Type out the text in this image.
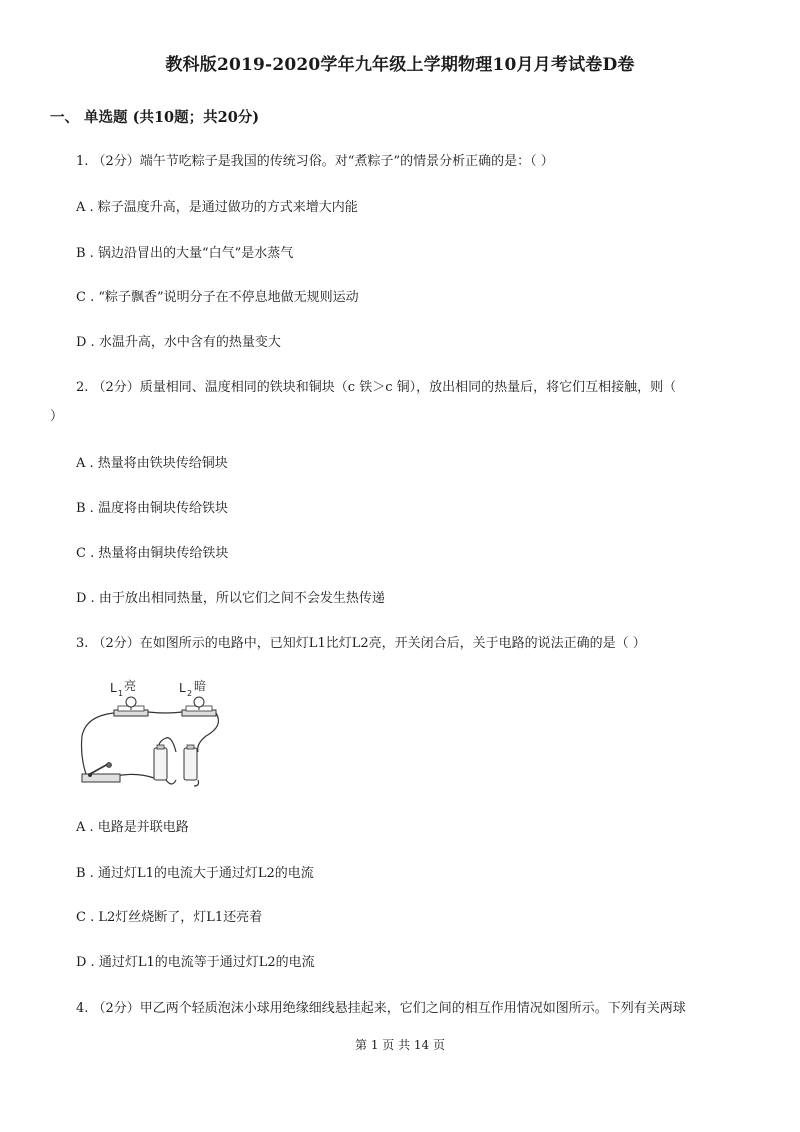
教科版2019-2020学年九年级上学期物理10月月考试卷D卷
一、 单选题 (共10题；共20分)
1. （2分）端午节吃粽子是我国的传统习俗。对“煮粽子”的情景分析正确的是：（ ）
A . 粽子温度升高，是通过做功的方式来增大内能
B . 锅边沿冒出的大量“白气”是水蒸气
C . “粽子飘香”说明分子在不停息地做无规则运动
D . 水温升高，水中含有的热量变大
2. （2分）质量相同、温度相同的铁块和铜块（c 铁＞c 铜），放出相同的热量后，将它们互相接触，则（
）
A . 热量将由铁块传给铜块
B . 温度将由铜块传给铁块
C . 热量将由铜块传给铁块
D . 由于放出相同热量，所以它们之间不会发生热传递
3. （2分）在如图所示的电路中，已知灯L1比灯L2亮，开关闭合后，关于电路的说法正确的是（ ）
L 1
亮	L 2
暗
A . 电路是并联电路
B . 通过灯L1的电流大于通过灯L2的电流
C . L2灯丝烧断了，灯L1还亮着
D . 通过灯L1的电流等于通过灯L2的电流
4. （2分）甲乙两个轻质泡沫小球用绝缘细线悬挂起来，它们之间的相互作用情况如图所示。下列有关两球
第 1 页 共 14 页
